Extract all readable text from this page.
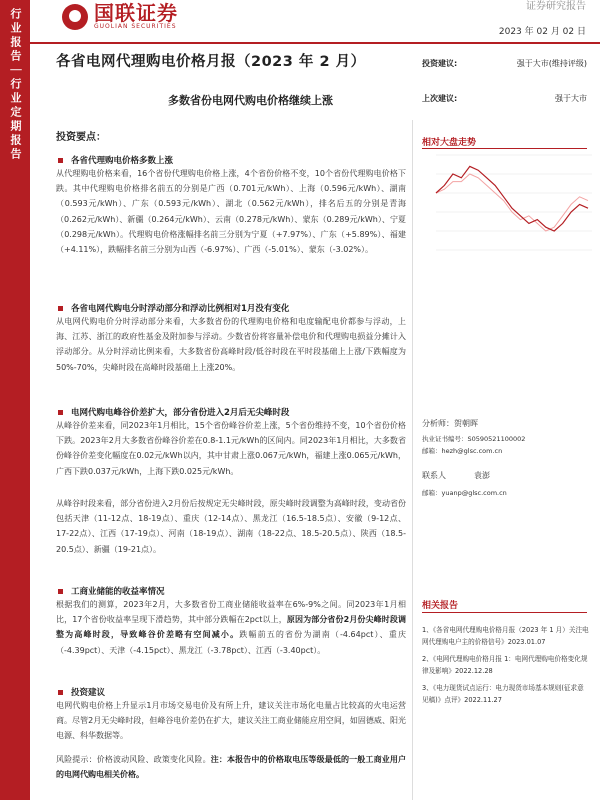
行业报告｜行业定期报告	国联证券
GUOLIAN SECURITIES
证券研究报告
2023 年 02 月 02 日
各省电网代理购电价格月报（2023 年 2 月）
多数省份电网代购电价格继续上涨
投资建议:	强于大市(维持评级)
上次建议:	强于大市
投资要点：
各省代理购电价格多数上涨
从代理购电价格来看，16个省份代理购电价格上涨，4个省份价格不变，10个省份代理购电价格下跌。其中代理购电价格排名前五的分别是广西（0.701元/kWh）、上海（0.596元/kWh）、湖南（0.593元/kWh）、广东（0.593元/kWh）、湖北（0.562元/kWh），排名后五的分别是青海（0.262元/kWh）、新疆（0.264元/kWh）、云南（0.278元/kWh）、蒙东（0.289元/kWh）、宁夏（0.298元/kWh）。代理购电价格涨幅排名前三分别为宁夏（+7.97%）、广东（+5.89%）、福建（+4.11%），跌幅排名前三分别为山西（-6.97%）、广西（-5.01%）、蒙东（-3.02%）。
各省电网代购电分时浮动部分和浮动比例相对1月没有变化
从电网代购电价分时浮动部分来看，大多数省份的代理购电价格和电度输配电价都参与浮动，上海、江苏、浙江的政府性基金及附加参与浮动。少数省份将容量补偿电价和代理购电损益分摊计入浮动部分。从分时浮动比例来看，大多数省份高峰时段/低谷时段在平时段基础上上涨/下跌幅度为50%-70%，尖峰时段在高峰时段基础上上涨20%。
电网代购电峰谷价差扩大，部分省份进入2月后无尖峰时段
从峰谷价差来看，同2023年1月相比，15个省份峰谷价差上涨，5个省份维持不变，10个省份价格下跌。2023年2月大多数省份峰谷价差在0.8-1.1元/kWh的区间内。同2023年1月相比，大多数省份峰谷价差变化幅度在0.02元/kWh以内，其中甘肃上涨0.067元/kWh，福建上涨0.065元/kWh，广西下跌0.037元/kWh，上海下跌0.025元/kWh。
从峰谷时段来看，部分省份进入2月份后按规定无尖峰时段，原尖峰时段调整为高峰时段，变动省份包括天津（11-12点、18-19点）、重庆（12-14点）、黑龙江（16.5-18.5点）、安徽（9-12点、17-22点）、江西（17-19点）、河南（18-19点）、湖南（18-22点、18.5-20.5点）、陕西（18.5-20.5点）、新疆（19-21点）。
工商业储能的收益率情况
根据我们的测算，2023年2月，大多数省份工商业储能收益率在6%-9%之间。同2023年1月相比，17个省份收益率呈现下滑趋势，其中部分跌幅在2pct以上，原因为部分省份2月份尖峰时段调整为高峰时段，导致峰谷价差略有空间减小。跌幅前五的省份为湖南（-4.64pct）、重庆（-4.39pct）、天津（-4.15pct）、黑龙江（-3.78pct）、江西（-3.40pct）。
投资建议
电网代购电价格上升显示1月市场交易电价及有所上升，建议关注市场化电量占比较高的火电运营商。尽管2月无尖峰时段，但峰谷电价差仍在扩大，建议关注工商业储能应用空间，如固德威、阳光电源、科华数据等。
风险提示：价格波动风险、政策变化风险。注：本报告中的价格取电压等级最低的一般工商业用户的电网代购电相关价格。
相对大盘走势
分析师：贺朝晖
执业证书编号：S0590521100002
邮箱：hezh@glsc.com.cn
联系人	袁澎
邮箱：yuanp@glsc.com.cn
相关报告
1、《各省电网代理购电价格月报（2023 年 1 月）关注电网代理购电户主的价格信号》2023.01.07
2、《电网代理购电价格月报 1：电网代理购电价格变化规律及影响》2022.12.28
3、《电力现货试点运行：电力现货市场基本规则(征求意见稿)》点评》2022.11.27
